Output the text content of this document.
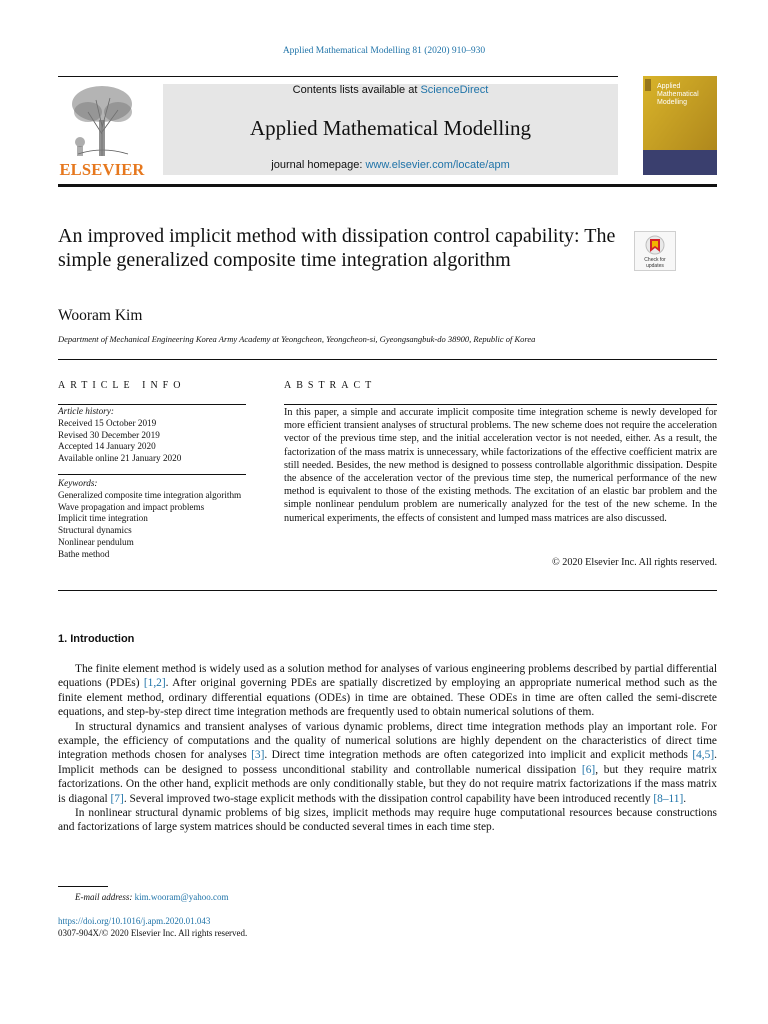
Applied Mathematical Modelling 81 (2020) 910–930
ELSEVIER
Contents lists available at ScienceDirect
Applied Mathematical Modelling
journal homepage: www.elsevier.com/locate/apm
Applied
Mathematical
Modelling
An improved implicit method with dissipation control capability: The simple generalized composite time integration algorithm	Check for
updates
Wooram Kim
Department of Mechanical Engineering Korea Army Academy at Yeongcheon, Yeongcheon-si, Gyeongsangbuk-do 38900, Republic of Korea
ARTICLE INFO
Article history:
Received 15 October 2019
Revised 30 December 2019
Accepted 14 January 2020
Available online 21 January 2020
Keywords:
Generalized composite time integration algorithm
Wave propagation and impact problems
Implicit time integration
Structural dynamics
Nonlinear pendulum
Bathe method
ABSTRACT
In this paper, a simple and accurate implicit composite time integration scheme is newly developed for more efficient transient analyses of structural problems. The new scheme does not require the acceleration vector of the previous time step, and the initial acceleration vector is not needed, either. As a result, the factorization of the mass matrix is unnecessary, while factorizations of the effective coefficient matrix are still needed. Besides, the new method is designed to possess controllable algorithmic dissipation. Despite the absence of the acceleration vector of the previous time step, the numerical performance of the new method is equivalent to those of the existing methods. The excitation of an elastic bar problem and the simple nonlinear pendulum problem are numerically analyzed for the test of the new scheme. In the numerical experiments, the effects of consistent and lumped mass matrices are also discussed.
© 2020 Elsevier Inc. All rights reserved.
1. Introduction

The finite element method is widely used as a solution method for analyses of various engineering problems described by partial differential equations (PDEs) [1,2]. After original governing PDEs are spatially discretized by employing an appropriate numerical method such as the finite element method, ordinary differential equations (ODEs) in time are obtained. These ODEs in time are often called the semi-discrete equations, and step-by-step direct time integration methods are frequently used to obtain numerical solutions of them.

In structural dynamics and transient analyses of various dynamic problems, direct time integration methods play an important role. For example, the efficiency of computations and the quality of numerical solutions are highly dependent on the characteristics of direct time integration methods chosen for analyses [3]. Direct time integration methods are often categorized into implicit and explicit methods [4,5]. Implicit methods can be designed to possess unconditional stability and controllable numerical dissipation [6], but they require matrix factorizations. On the other hand, explicit methods are only conditionally stable, but they do not require matrix factorizations if the mass matrix is diagonal [7]. Several improved two-stage explicit methods with the dissipation control capability have been introduced recently [8–11].

In nonlinear structural dynamic problems of big sizes, implicit methods may require huge computational resources because constructions and factorizations of large system matrices should be conducted several times in each time step.

E-mail address: kim.wooram@yahoo.com
https://doi.org/10.1016/j.apm.2020.01.043
0307-904X/© 2020 Elsevier Inc. All rights reserved.
